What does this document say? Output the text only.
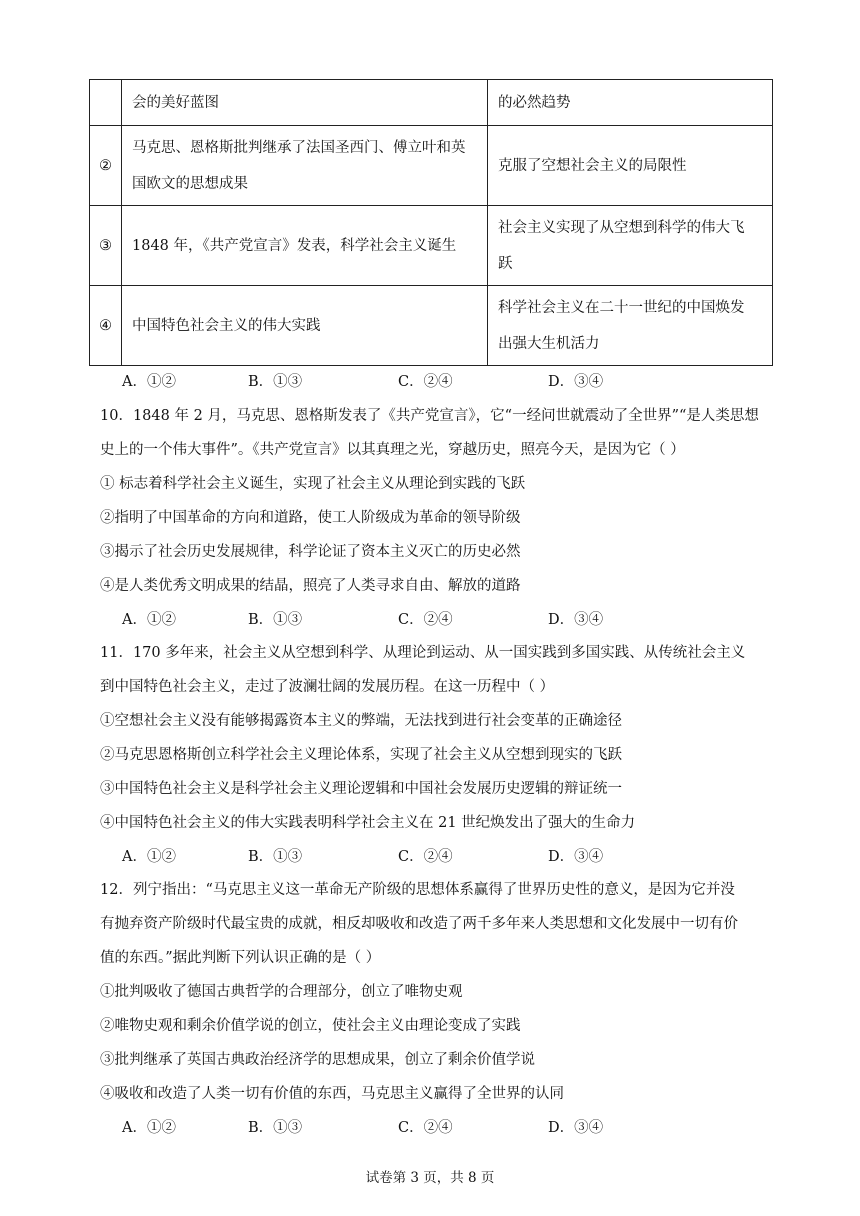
	会的美好蓝图	的必然趋势

②	马克思、恩格斯批判继承了法国圣西门、傅立叶和英
国欧文的思想成果	克服了空想社会主义的局限性

③	1848 年，《共产党宣言》发表，科学社会主义诞生	社会主义实现了从空想到科学的伟大飞
跃

④	中国特色社会主义的伟大实践	科学社会主义在二十一世纪的中国焕发
出强大生机活力
A．①②	B．①③	C．②④	D．③④
10．1848 年 2 月，马克思、恩格斯发表了《共产党宣言》，它“一经问世就震动了全世界”“是人类思想
史上的一个伟大事件”。《共产党宣言》以其真理之光，穿越历史，照亮今天，是因为它（ ）
① 标志着科学社会主义诞生，实现了社会主义从理论到实践的飞跃
②指明了中国革命的方向和道路，使工人阶级成为革命的领导阶级
③揭示了社会历史发展规律，科学论证了资本主义灭亡的历史必然
④是人类优秀文明成果的结晶，照亮了人类寻求自由、解放的道路
A．①②	B．①③	C．②④	D．③④
11．170 多年来，社会主义从空想到科学、从理论到运动、从一国实践到多国实践、从传统社会主义
到中国特色社会主义，走过了波澜壮阔的发展历程。在这一历程中（ ）
①空想社会主义没有能够揭露资本主义的弊端，无法找到进行社会变革的正确途径
②马克思恩格斯创立科学社会主义理论体系，实现了社会主义从空想到现实的飞跃
③中国特色社会主义是科学社会主义理论逻辑和中国社会发展历史逻辑的辩证统一
④中国特色社会主义的伟大实践表明科学社会主义在 21 世纪焕发出了强大的生命力
A．①②	B．①③	C．②④	D．③④
12．列宁指出：“马克思主义这一革命无产阶级的思想体系赢得了世界历史性的意义，是因为它并没
有抛弃资产阶级时代最宝贵的成就，相反却吸收和改造了两千多年来人类思想和文化发展中一切有价
值的东西。”据此判断下列认识正确的是（ ）
①批判吸收了德国古典哲学的合理部分，创立了唯物史观
②唯物史观和剩余价值学说的创立，使社会主义由理论变成了实践
③批判继承了英国古典政治经济学的思想成果，创立了剩余价值学说
④吸收和改造了人类一切有价值的东西，马克思主义赢得了全世界的认同
A．①②	B．①③	C．②④	D．③④
试卷第 3 页，共 8 页
